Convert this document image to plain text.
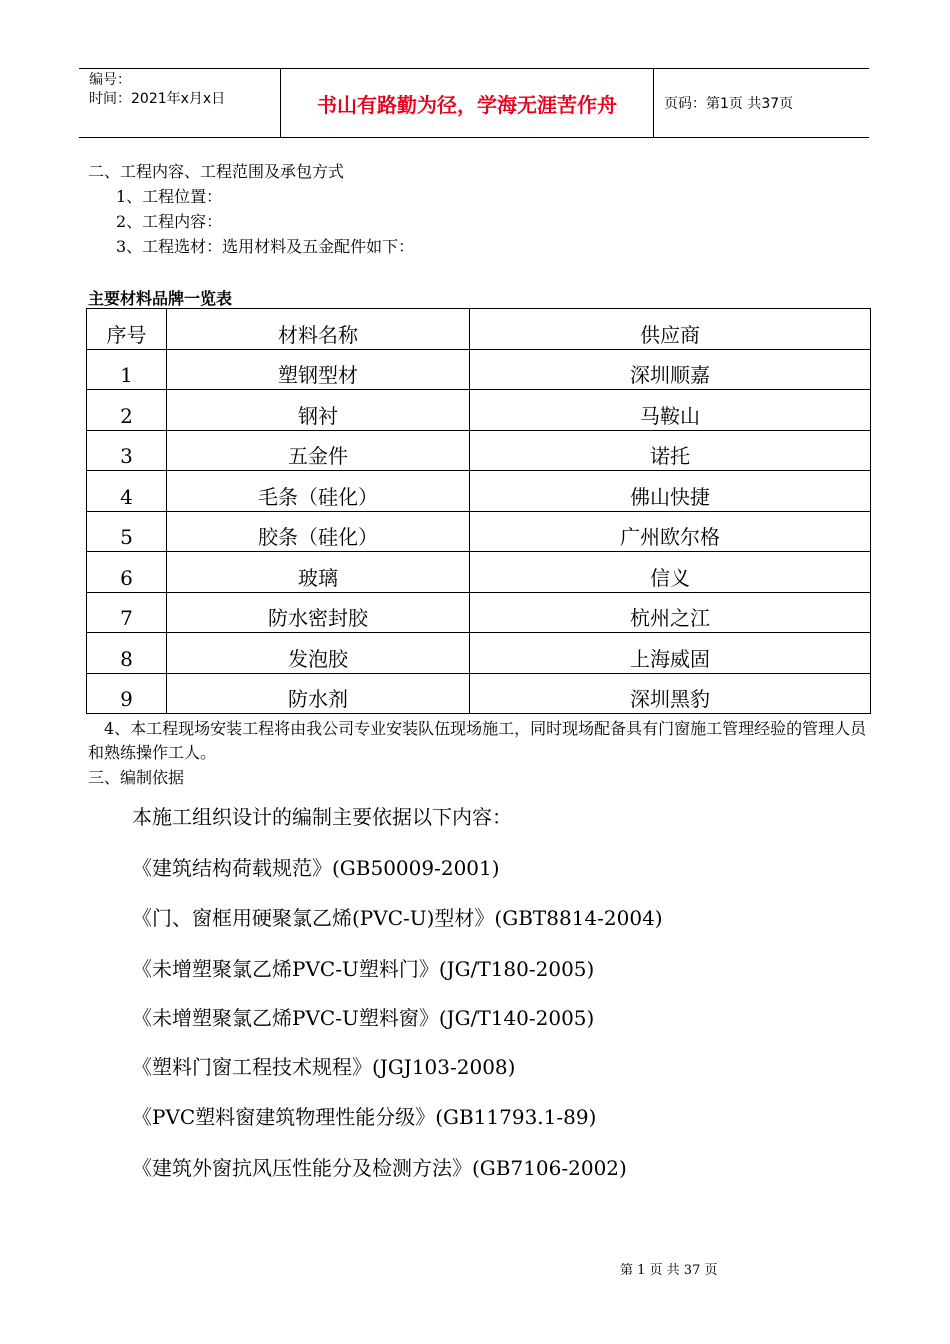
编号：
时间：2021年x月x日	书山有路勤为径，学海无涯苦作舟	页码：第1页 共37页
二、工程内容、工程范围及承包方式
1、工程位置：
2、工程内容：
3、工程选材：选用材料及五金配件如下：
主要材料品牌一览表
序号	材料名称	供应商
1	塑钢型材	深圳顺嘉
2	钢衬	马鞍山
3	五金件	诺托
4	毛条（硅化）	佛山快捷
5	胶条（硅化）	广州欧尔格
6	玻璃	信义
7	防水密封胶	杭州之江
8	发泡胶	上海威固
9	防水剂	深圳黑豹
4、本工程现场安装工程将由我公司专业安装队伍现场施工，同时现场配备具有门窗施工管理经验的管理人员和熟练操作工人。
三、编制依据
本施工组织设计的编制主要依据以下内容：
《建筑结构荷载规范》(GB50009-2001)
《门、窗框用硬聚氯乙烯(PVC-U)型材》(GBT8814-2004)
《未增塑聚氯乙烯PVC-U塑料门》(JG/T180-2005)
《未增塑聚氯乙烯PVC-U塑料窗》(JG/T140-2005)
《塑料门窗工程技术规程》(JGJ103-2008)
《PVC塑料窗建筑物理性能分级》(GB11793.1-89)
《建筑外窗抗风压性能分及检测方法》(GB7106-2002)
第 1 页 共 37 页
